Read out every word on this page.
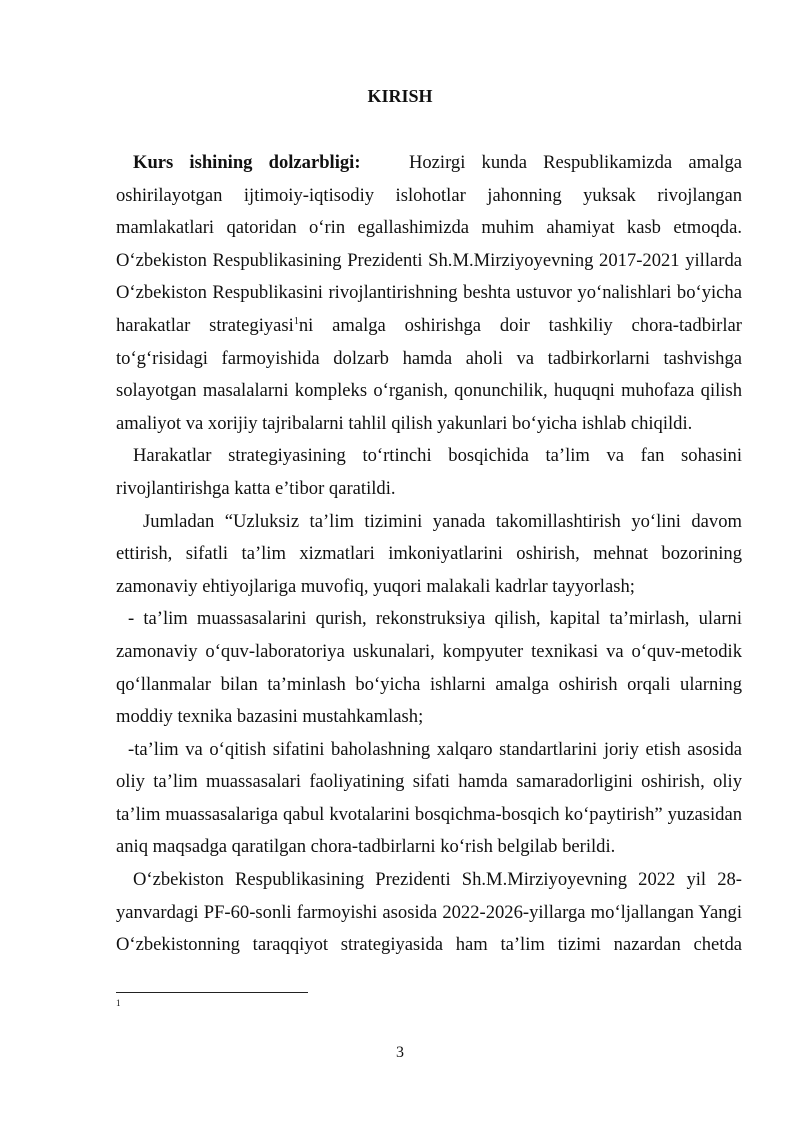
KIRISH

Kurs ishining dolzarbligi:	Hozirgi kunda Respublikamizda amalga oshirilayotgan ijtimoiy-iqtisodiy islohotlar jahonning yuksak rivojlangan mamlakatlari qatoridan o‘rin egallashimizda muhim ahamiyat kasb etmoqda. O‘zbekiston Respublikasining Prezidenti Sh.M.Mirziyoyevning 2017-2021 yillarda O‘zbekiston Respublikasini rivojlantirishning beshta ustuvor yo‘nalishlari bo‘yicha harakatlar strategiyasi$^1$ni amalga oshirishga doir tashkiliy chora-tadbirlar to‘g‘risidagi farmoyishida dolzarb hamda aholi va tadbirkorlarni tashvishga solayotgan masalalarni kompleks o‘rganish, qonunchilik, huquqni muhofaza qilish amaliyot va xorijiy tajribalarni tahlil qilish yakunlari bo‘yicha ishlab chiqildi.

Harakatlar strategiyasining to‘rtinchi bosqichida ta’lim va fan sohasini rivojlantirishga katta e’tibor qaratildi.

Jumladan “Uzluksiz ta’lim tizimini yanada takomillashtirish yo‘lini davom ettirish, sifatli ta’lim xizmatlari imkoniyatlarini oshirish, mehnat bozorining zamonaviy ehtiyojlariga muvofiq, yuqori malakali kadrlar tayyorlash;

- ta’lim muassasalarini qurish, rekonstruksiya qilish, kapital ta’mirlash, ularni zamonaviy o‘quv-laboratoriya uskunalari, kompyuter texnikasi va o‘quv-metodik qo‘llanmalar bilan ta’minlash bo‘yicha ishlarni amalga oshirish orqali ularning moddiy texnika bazasini mustahkamlash;

-ta’lim va o‘qitish sifatini baholashning xalqaro standartlarini joriy etish asosida oliy ta’lim muassasalari faoliyatining sifati hamda samaradorligini oshirish, oliy ta’lim muassasalariga qabul kvotalarini bosqichma-bosqich ko‘paytirish” yuzasidan aniq maqsadga qaratilgan chora-tadbirlarni ko‘rish belgilab berildi.

O‘zbekiston Respublikasining Prezidenti Sh.M.Mirziyoyevning 2022 yil 28-yanvardagi PF-60-sonli farmoyishi asosida 2022-2026-yillarga mo‘ljallangan Yangi O‘zbekistonning taraqqiyot strategiyasida ham ta’lim tizimi nazardan chetda

1
3
